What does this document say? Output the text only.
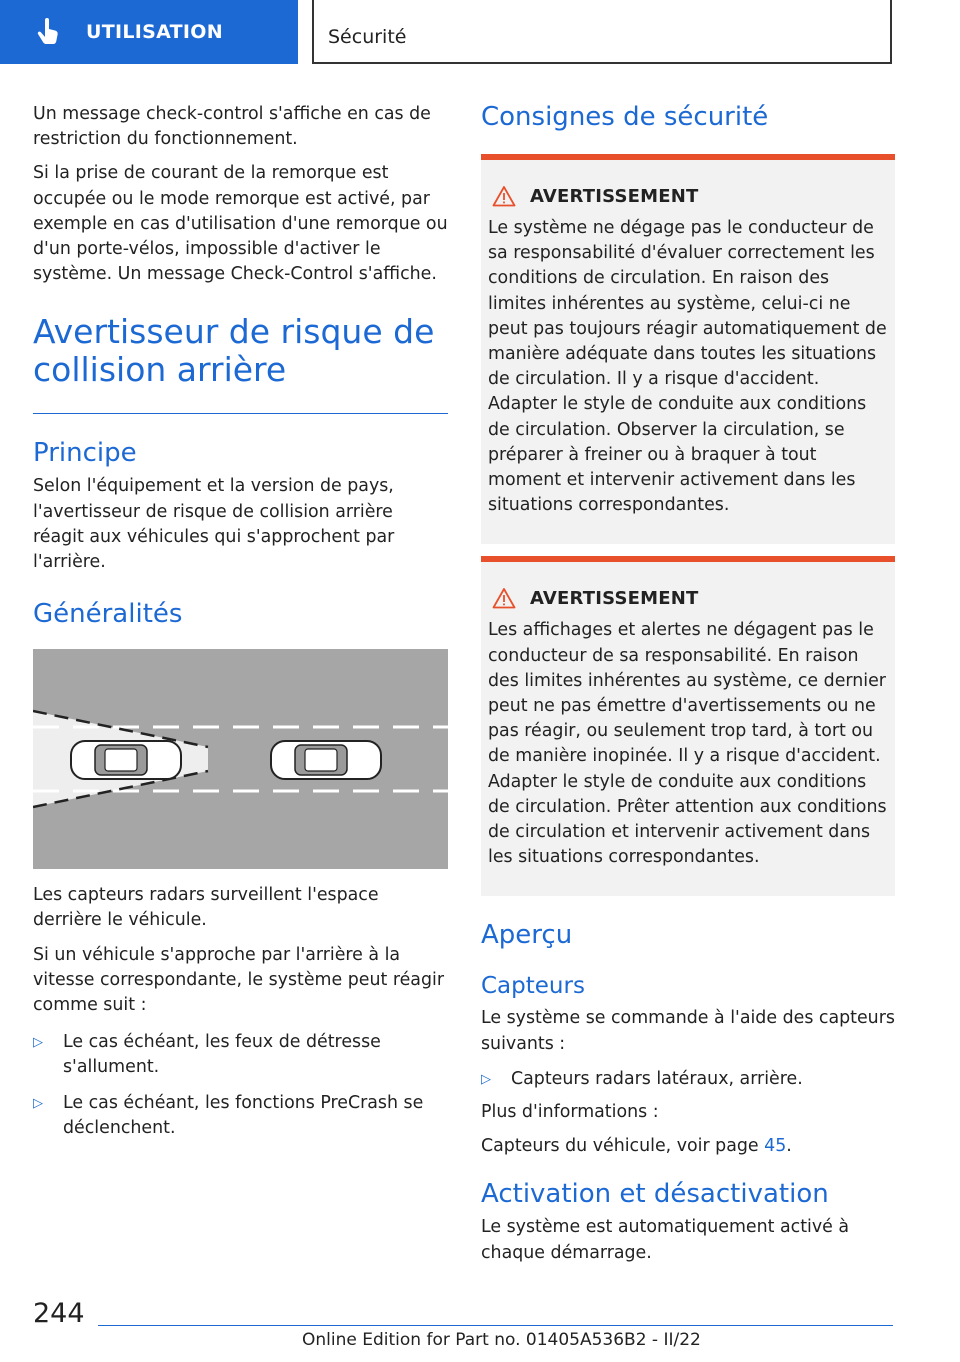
UTILISATION	Sécurité

Un message check-control s'affiche en cas de restriction du fonctionnement.

Si la prise de courant de la remorque est occupée ou le mode remorque est activé, par exemple en cas d'utilisation d'une remorque ou d'un porte-vélos, impossible d'activer le système. Un message Check-Control s'affiche.

Avertisseur de risque de collision arrière
Principe

Selon l'équipement et la version de pays, l'avertisseur de risque de collision arrière réagit aux véhicules qui s'approchent par l'arrière.

Généralités

Les capteurs radars surveillent l'espace derrière le véhicule.

Si un véhicule s'approche par l'arrière à la vitesse correspondante, le système peut réagir comme suit :

▷	Le cas échéant, les feux de détresse s'allument.
▷	Le cas échéant, les fonctions PreCrash se déclenchent.
Consignes de sécurité
AVERTISSEMENT

Le système ne dégage pas le conducteur de sa responsabilité d'évaluer correctement les conditions de circulation. En raison des limites inhérentes au système, celui-ci ne peut pas toujours réagir automatiquement de manière adéquate dans toutes les situations de circulation. Il y a risque d'accident. Adapter le style de conduite aux conditions de circulation. Observer la circulation, se préparer à freiner ou à braquer à tout moment et intervenir activement dans les situations correspondantes.

AVERTISSEMENT

Les affichages et alertes ne dégagent pas le conducteur de sa responsabilité. En raison des limites inhérentes au système, ce dernier peut ne pas émettre d'avertissements ou ne pas réagir, ou seulement trop tard, à tort ou de manière inopinée. Il y a risque d'accident. Adapter le style de conduite aux conditions de circulation. Prêter attention aux conditions de circulation et intervenir activement dans les situations correspondantes.

Aperçu
Capteurs

Le système se commande à l'aide des capteurs suivants :

▷	Capteurs radars latéraux, arrière.

Plus d'informations :

Capteurs du véhicule, voir page 45.

Activation et désactivation

Le système est automatiquement activé à chaque démarrage.

244
Online Edition for Part no. 01405A536B2 - II/22
